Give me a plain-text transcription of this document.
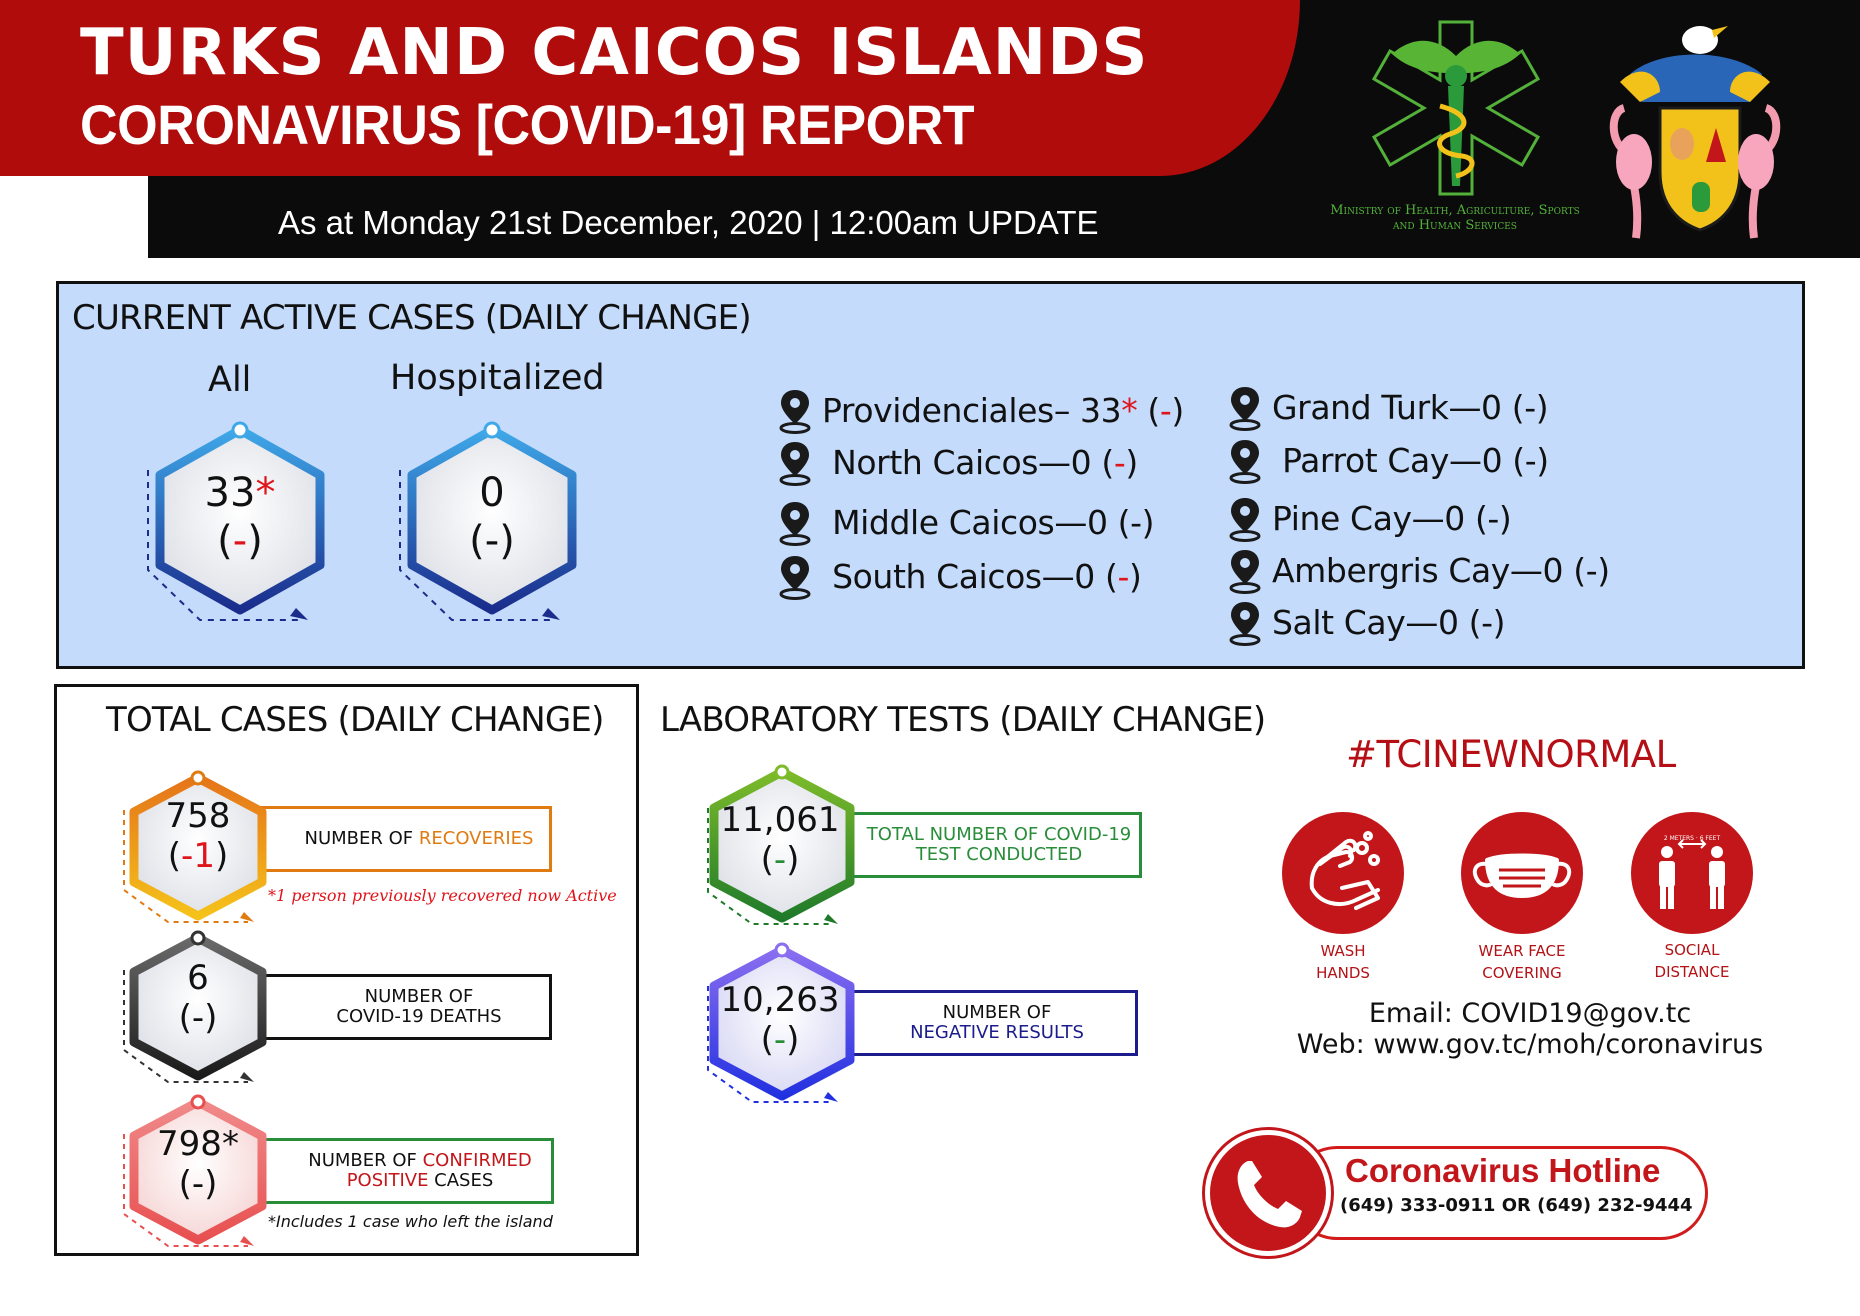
TURKS AND CAICOS ISLANDS
CORONAVIRUS [COVID-19] REPORT
As at Monday 21st December, 2020 | 12:00am UPDATE	Ministry of Health, Agriculture, Sports and Human Services
CURRENT ACTIVE CASES (DAILY CHANGE)
All	Hospitalized
33*
(-)
0
(-)
Providenciales– 33* (-)
North Caicos—0 (-)
Middle Caicos—0 (-)
South Caicos—0 (-)
Grand Turk—0 (-)
Parrot Cay—0 (-)
Pine Cay—0 (-)
Ambergris Cay—0 (-)
Salt Cay—0 (-)
TOTAL CASES (DAILY CHANGE)
NUMBER OF RECOVERIES
758
(-1)
*1 person previously recovered now Active
NUMBER OF
COVID-19 DEATHS
6
(-)
NUMBER OF CONFIRMED
POSITIVE CASES
798*
(-)
*Includes 1 case who left the island
LABORATORY TESTS (DAILY CHANGE)
TOTAL NUMBER OF COVID-19
TEST CONDUCTED
11,061
(-)
NUMBER OF
NEGATIVE RESULTS
10,263
(-)
#TCINEWNORMAL
WASH
HANDS
WEAR FACE
COVERING
2 METERS · 6 FEET
SOCIAL
DISTANCE
Email: COVID19@gov.tc
Web: www.gov.tc/moh/coronavirus
Coronavirus Hotline
(649) 333-0911 OR (649) 232-9444
